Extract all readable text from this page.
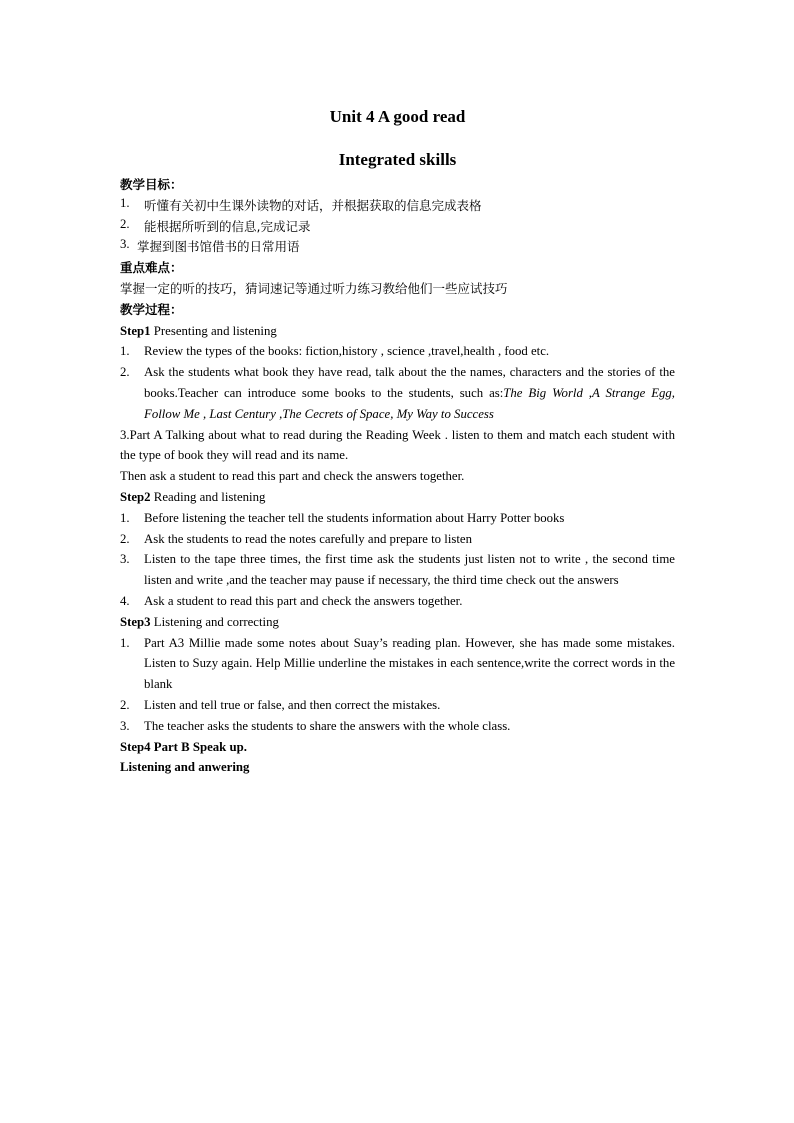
Unit 4 A good read
Integrated skills
教学目标：
1.	听懂有关初中生课外读物的对话，并根据获取的信息完成表格
2.	能根据所听到的信息,完成记录
3. 掌握到图书馆借书的日常用语
重点难点：
掌握一定的听的技巧，猜词速记等通过听力练习教给他们一些应试技巧
教学过程：
Step1 Presenting and listening
1.	Review the types of the books: fiction,history , science ,travel,health , food etc.
2.	Ask the students what book they have read, talk about the the names, characters and the stories of the books.Teacher can introduce some books to the students, such as:The Big World ,A Strange Egg, Follow Me , Last Century ,The Cecrets of Space, My Way to Success
3.Part A Talking about what to read during the Reading Week . listen to them and match each student with the type of book they will read and its name.
Then ask a student to read this part and check the answers together.
Step2 Reading and listening
1.	Before listening the teacher tell the students information about Harry Potter books
2.	Ask the students to read the notes carefully and prepare to listen
3.	Listen to the tape three times, the first time ask the students just listen not to write , the second time listen and write ,and the teacher may pause if necessary, the third time check out the answers
4.	Ask a student to read this part and check the answers together.
Step3 Listening and correcting
1.	Part A3 Millie made some notes about Suay’s reading plan. However, she has made some mistakes. Listen to Suzy again. Help Millie underline the mistakes in each sentence,write the correct words in the blank
2.	Listen and tell true or false, and then correct the mistakes.
3.	The teacher asks the students to share the answers with the whole class.
Step4 Part B Speak up.
Listening and anwering
